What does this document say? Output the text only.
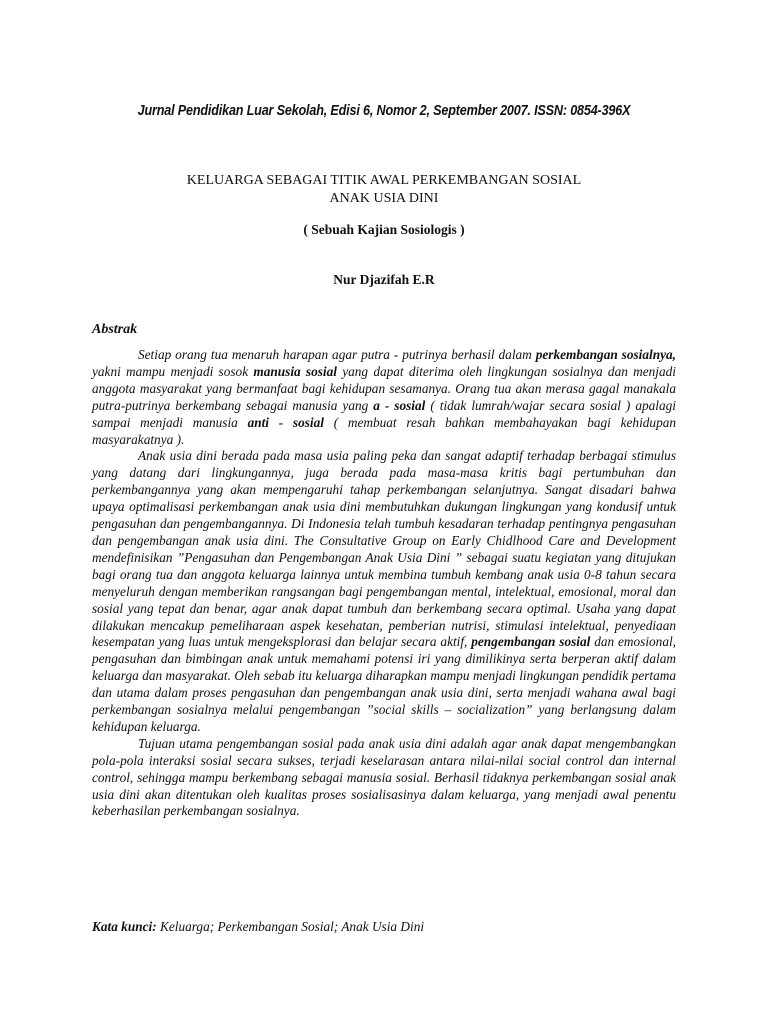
Jurnal Pendidikan Luar Sekolah, Edisi 6, Nomor 2, September 2007. ISSN: 0854-396X
KELUARGA SEBAGAI TITIK AWAL PERKEMBANGAN SOSIAL
ANAK USIA DINI
( Sebuah Kajian Sosiologis )
Nur Djazifah E.R
Abstrak

Setiap orang tua menaruh harapan agar putra - putrinya berhasil dalam perkembangan sosialnya, yakni mampu menjadi sosok manusia sosial yang dapat diterima oleh lingkungan sosialnya dan menjadi anggota masyarakat yang bermanfaat bagi kehidupan sesamanya. Orang tua akan merasa gagal manakala putra-putrinya berkembang sebagai manusia yang a - sosial ( tidak lumrah/wajar secara sosial ) apalagi sampai menjadi manusia anti - sosial ( membuat resah bahkan membahayakan bagi kehidupan masyarakatnya ).

Anak usia dini berada pada masa usia paling peka dan sangat adaptif terhadap berbagai stimulus yang datang dari lingkungannya, juga berada pada masa-masa kritis bagi pertumbuhan dan perkembangannya yang akan mempengaruhi tahap perkembangan selanjutnya. Sangat disadari bahwa upaya optimalisasi perkembangan anak usia dini membutuhkan dukungan lingkungan yang kondusif untuk pengasuhan dan pengembangannya. Di Indonesia telah tumbuh kesadaran terhadap pentingnya pengasuhan dan pengembangan anak usia dini. The Consultative Group on Early Chidlhood Care and Development mendefinisikan ”Pengasuhan dan Pengembangan Anak Usia Dini ” sebagai suatu kegiatan yang ditujukan bagi orang tua dan anggota keluarga lainnya untuk membina tumbuh kembang anak usia 0-8 tahun secara menyeluruh dengan memberikan rangsangan bagi pengembangan mental, intelektual, emosional, moral dan sosial yang tepat dan benar, agar anak dapat tumbuh dan berkembang secara optimal. Usaha yang dapat dilakukan mencakup pemeliharaan aspek kesehatan, pemberian nutrisi, stimulasi intelektual, penyediaan kesempatan yang luas untuk mengeksplorasi dan belajar secara aktif, pengembangan sosial dan emosional, pengasuhan dan bimbingan anak untuk memahami potensi iri yang dimilikinya serta berperan aktif dalam keluarga dan masyarakat. Oleh sebab itu keluarga diharapkan mampu menjadi lingkungan pendidik pertama dan utama dalam proses pengasuhan dan pengembangan anak usia dini, serta menjadi wahana awal bagi perkembangan sosialnya melalui pengembangan ”social skills – socialization” yang berlangsung dalam kehidupan keluarga.

Tujuan utama pengembangan sosial pada anak usia dini adalah agar anak dapat mengembangkan pola-pola interaksi sosial secara sukses, terjadi keselarasan antara nilai-nilai social control dan internal control, sehingga mampu berkembang sebagai manusia sosial. Berhasil tidaknya perkembangan sosial anak usia dini akan ditentukan oleh kualitas proses sosialisasinya dalam keluarga, yang menjadi awal penentu keberhasilan perkembangan sosialnya.

Kata kunci: Keluarga; Perkembangan Sosial; Anak Usia Dini
